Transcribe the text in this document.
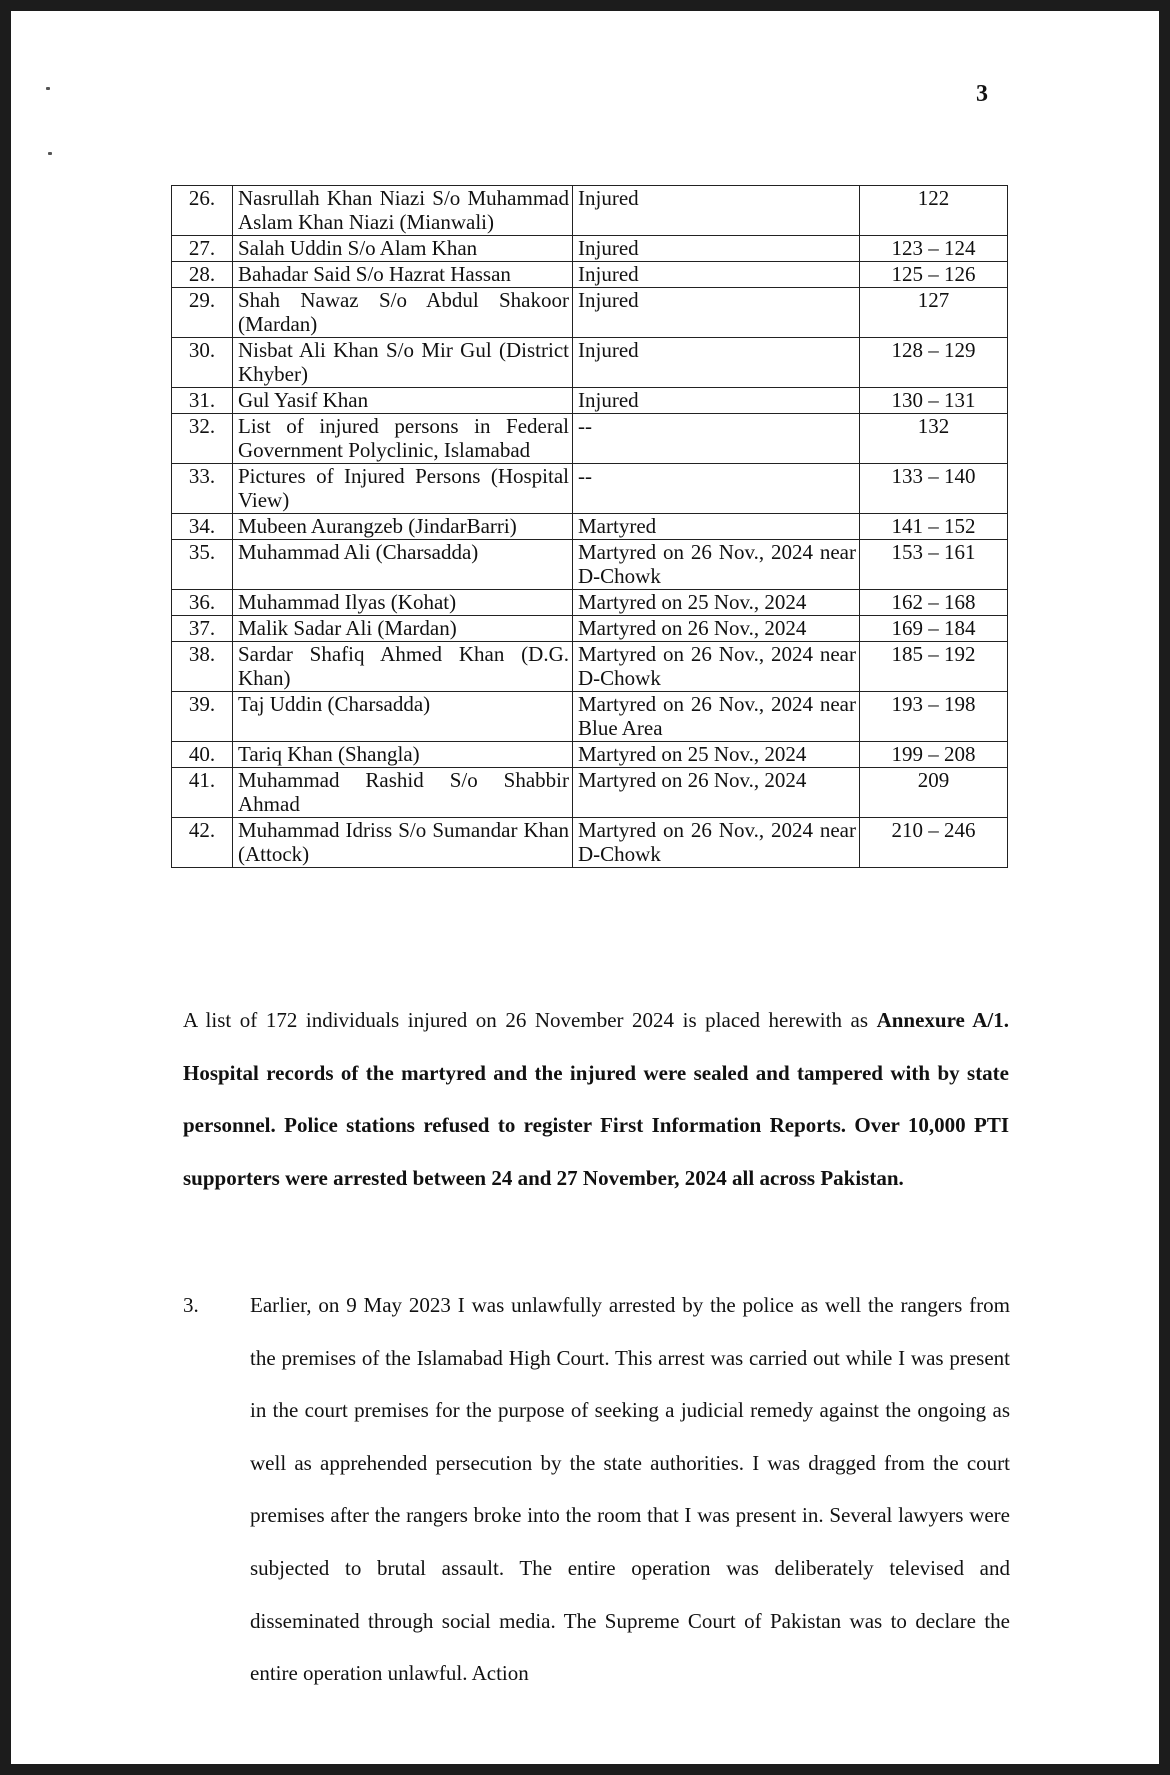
3
26.	Nasrullah Khan Niazi S/o Muhammad Aslam Khan Niazi (Mianwali)	Injured	122
27.	Salah Uddin S/o Alam Khan	Injured	123 – 124
28.	Bahadar Said S/o Hazrat Hassan	Injured	125 – 126
29.	Shah Nawaz S/o Abdul Shakoor (Mardan)	Injured	127
30.	Nisbat Ali Khan S/o Mir Gul (District Khyber)	Injured	128 – 129
31.	Gul Yasif Khan	Injured	130 – 131
32.	List of injured persons in Federal Government Polyclinic, Islamabad	--	132
33.	Pictures of Injured Persons (Hospital View)	--	133 – 140
34.	Mubeen Aurangzeb (JindarBarri)	Martyred	141 – 152
35.	Muhammad Ali (Charsadda)	Martyred on 26 Nov., 2024 near D-Chowk	153 – 161
36.	Muhammad Ilyas (Kohat)	Martyred on 25 Nov., 2024	162 – 168
37.	Malik Sadar Ali (Mardan)	Martyred on 26 Nov., 2024	169 – 184
38.	Sardar Shafiq Ahmed Khan (D.G. Khan)	Martyred on 26 Nov., 2024 near D-Chowk	185 – 192
39.	Taj Uddin (Charsadda)	Martyred on 26 Nov., 2024 near Blue Area	193 – 198
40.	Tariq Khan (Shangla)	Martyred on 25 Nov., 2024	199 – 208
41.	Muhammad Rashid S/o Shabbir Ahmad	Martyred on 26 Nov., 2024	209
42.	Muhammad Idriss S/o Sumandar Khan (Attock)	Martyred on 26 Nov., 2024 near D-Chowk	210 – 246
A list of 172 individuals injured on 26 November 2024 is placed herewith as Annexure A/1. Hospital records of the martyred and the injured were sealed and tampered with by state personnel. Police stations refused to register First Information Reports. Over 10,000 PTI supporters were arrested between 24 and 27 November, 2024 all across Pakistan.
3. Earlier, on 9 May 2023 I was unlawfully arrested by the police as well the rangers from the premises of the Islamabad High Court. This arrest was carried out while I was present in the court premises for the purpose of seeking a judicial remedy against the ongoing as well as apprehended persecution by the state authorities. I was dragged from the court premises after the rangers broke into the room that I was present in. Several lawyers were subjected to brutal assault. The entire operation was deliberately televised and disseminated through social media. The Supreme Court of Pakistan was to declare the entire operation unlawful. Action
